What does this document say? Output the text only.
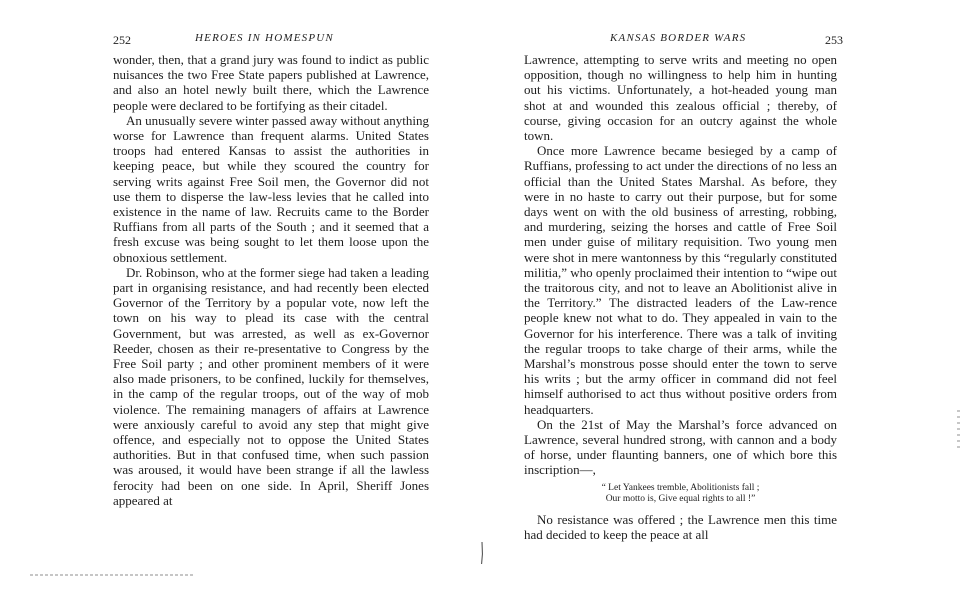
252	HEROES IN HOMESPUN

wonder, then, that a grand jury was found to indict as public nuisances the two Free State papers published at Lawrence, and also an hotel newly built there, which the Lawrence people were declared to be fortifying as their citadel.

An unusually severe winter passed away without anything worse for Lawrence than frequent alarms. United States troops had entered Kansas to assist the authorities in keeping peace, but while they scoured the country for serving writs against Free Soil men, the Governor did not use them to disperse the law-less levies that he called into existence in the name of law. Recruits came to the Border Ruffians from all parts of the South ; and it seemed that a fresh excuse was being sought to let them loose upon the obnoxious settlement.

Dr. Robinson, who at the former siege had taken a leading part in organising resistance, and had recently been elected Governor of the Territory by a popular vote, now left the town on his way to plead its case with the central Government, but was arrested, as well as ex-Governor Reeder, chosen as their re-presentative to Congress by the Free Soil party ; and other prominent members of it were also made prisoners, to be confined, luckily for themselves, in the camp of the regular troops, out of the way of mob violence. The remaining managers of affairs at Lawrence were anxiously careful to avoid any step that might give offence, and especially not to oppose the United States authorities. But in that confused time, when such passion was aroused, it would have been strange if all the lawless ferocity had been on one side. In April, Sheriff Jones appeared at

KANSAS BORDER WARS	253

Lawrence, attempting to serve writs and meeting no open opposition, though no willingness to help him in hunting out his victims. Unfortunately, a hot-headed young man shot at and wounded this zealous official ; thereby, of course, giving occasion for an outcry against the whole town.

Once more Lawrence became besieged by a camp of Ruffians, professing to act under the directions of no less an official than the United States Marshal. As before, they were in no haste to carry out their purpose, but for some days went on with the old business of arresting, robbing, and murdering, seizing the horses and cattle of Free Soil men under guise of military requisition. Two young men were shot in mere wantonness by this “regularly constituted militia,” who openly proclaimed their intention to “wipe out the traitorous city, and not to leave an Abolitionist alive in the Territory.” The distracted leaders of the Law-rence people knew not what to do. They appealed in vain to the Governor for his interference. There was a talk of inviting the regular troops to take charge of their arms, while the Marshal’s monstrous posse should enter the town to serve his writs ; but the army officer in command did not feel himself authorised to act thus without positive orders from headquarters.

On the 21st of May the Marshal’s force advanced on Lawrence, several hundred strong, with cannon and a body of horse, under flaunting banners, one of which bore this inscription—,

“ Let Yankees tremble, Abolitionists fall ;
Our motto is, Give equal rights to all !”

No resistance was offered ; the Lawrence men this time had decided to keep the peace at all
